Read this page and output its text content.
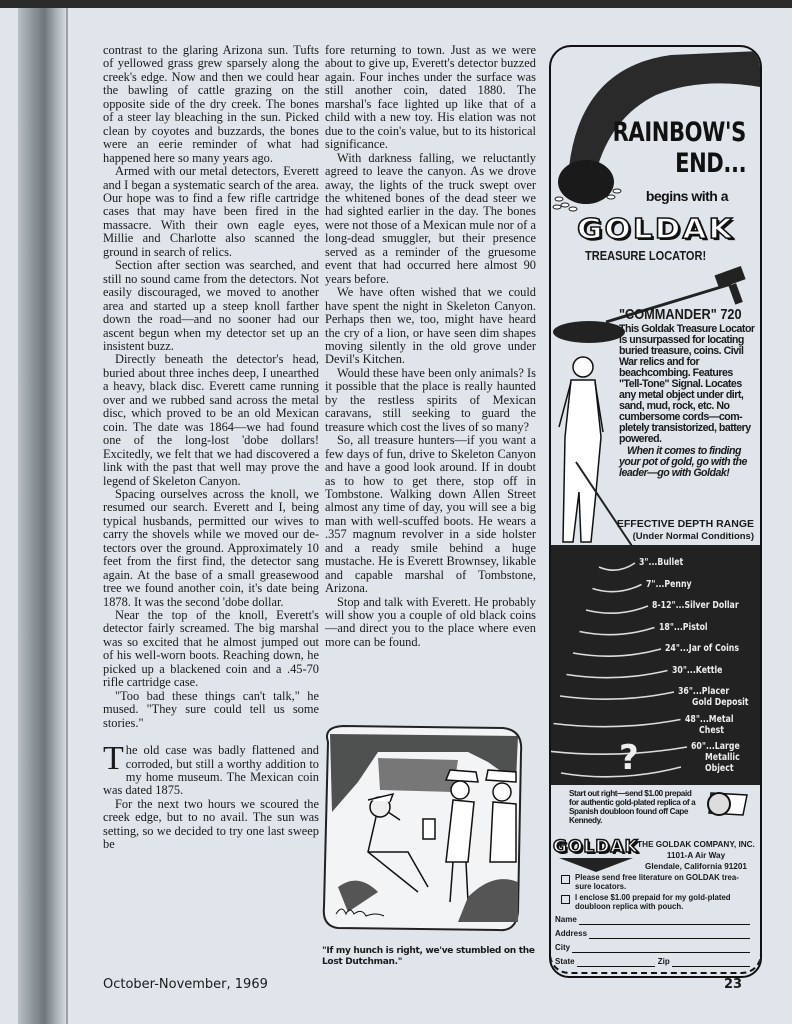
contrast to the glaring Arizona sun. Tufts of yellowed grass grew sparsely along the creek's edge. Now and then we could hear the bawling of cattle grazing on the opposite side of the dry creek. The bones of a steer lay bleaching in the sun. Picked clean by coyotes and buzzards, the bones were an eerie reminder of what had happened here so many years ago.

Armed with our metal detectors, Everett and I began a systematic search of the area. Our hope was to find a few rifle cartridge cases that may have been fired in the massacre. With their own eagle eyes, Millie and Charlotte also scanned the ground in search of relics.

Section after section was searched, and still no sound came from the detectors. Not easily discouraged, we moved to another area and started up a steep knoll farther down the road—and no sooner had our ascent begun when my detector set up an insistent buzz.

Directly beneath the detector's head, buried about three inches deep, I unearthed a heavy, black disc. Everett came running over and we rubbed sand across the metal disc, which proved to be an old Mexican coin. The date was 1864—we had found one of the long-lost 'dobe dollars! Excitedly, we felt that we had discovered a link with the past that well may prove the legend of Skeleton Canyon.

Spacing ourselves across the knoll, we resumed our search. Everett and I, being typical husbands, permitted our wives to carry the shovels while we moved our detectors over the ground. Approximately 10 feet from the first find, the detector sang again. At the base of a small greasewood tree we found another coin, it's date being 1878. It was the second 'dobe dollar.

Near the top of the knoll, Everett's detector fairly screamed. The big marshal was so excited that he almost jumped out of his well-worn boots. Reaching down, he picked up a blackened coin and a .45-70 rifle cartridge case.

"Too bad these things can't talk," he mused. "They sure could tell us some stories."

The old case was badly flattened and corroded, but still a worthy addition to my home museum. The Mexican coin was dated 1875.

For the next two hours we scoured the creek edge, but to no avail. The sun was setting, so we decided to try one last sweep be

fore returning to town. Just as we were about to give up, Everett's detector buzzed again. Four inches under the surface was still another coin, dated 1880. The marshal's face lighted up like that of a child with a new toy. His elation was not due to the coin's value, but to its historical significance.

With darkness falling, we reluctantly agreed to leave the canyon. As we drove away, the lights of the truck swept over the whitened bones of the dead steer we had sighted earlier in the day. The bones were not those of a Mexican mule nor of a long-dead smuggler, but their presence served as a reminder of the gruesome event that had occurred here almost 90 years before.

We have often wished that we could have spent the night in Skeleton Canyon. Perhaps then we, too, might have heard the cry of a lion, or have seen dim shapes moving silently in the old grove under Devil's Kitchen.

Would these have been only animals? Is it possible that the place is really haunted by the restless spirits of Mexican caravans, still seeking to guard the treasure which cost the lives of so many?

So, all treasure hunters—if you want a few days of fun, drive to Skeleton Canyon and have a good look around. If in doubt as to how to get there, stop off in Tombstone. Walking down Allen Street almost any time of day, you will see a big man with well-scuffed boots. He wears a .357 magnum revolver in a side holster and a ready smile behind a huge mustache. He is Everett Brownsey, likable and capable marshal of Tombstone, Arizona.

Stop and talk with Everett. He probably will show you a couple of old black coins—and direct you to the place where even more can be found.

"If my hunch is right, we've stumbled on the Lost Dutchman."
October-November, 1969	23
RAINBOW'S
END...
begins with a
GOLDAK
TREASURE LOCATOR!
"COMMANDER" 720
This Goldak Treasure Locator is unsurpassed for locating buried treasure, coins. Civil War relics and for beachcombing. Features "Tell-Tone" Signal. Locates any metal object under dirt, sand, mud, rock, etc. No cumbersome cords—completely transistorized, battery powered.
When it comes to finding your pot of gold, go with the leader—go with Goldak!
EFFECTIVE DEPTH RANGE
(Under Normal Conditions)
3"...Bullet
7"...Penny
8-12"...Silver Dollar
18"...Pistol
24"...Jar of Coins
30"...Kettle
36"...Placer
Gold Deposit
48"...Metal
Chest
60"...Large
Metallic
Object
?
Start out right—send $1.00 prepaid for authentic gold-plated replica of a Spanish doubloon found off Cape Kennedy.
GOLDAK
THE GOLDAK COMPANY, INC.
1101-A Air Way
Glendale, California 91201
Please send free literature on GOLDAK treasure locators.
I enclose $1.00 prepaid for my gold-plated doubloon replica with pouch.
Name
Address
City
State	Zip
